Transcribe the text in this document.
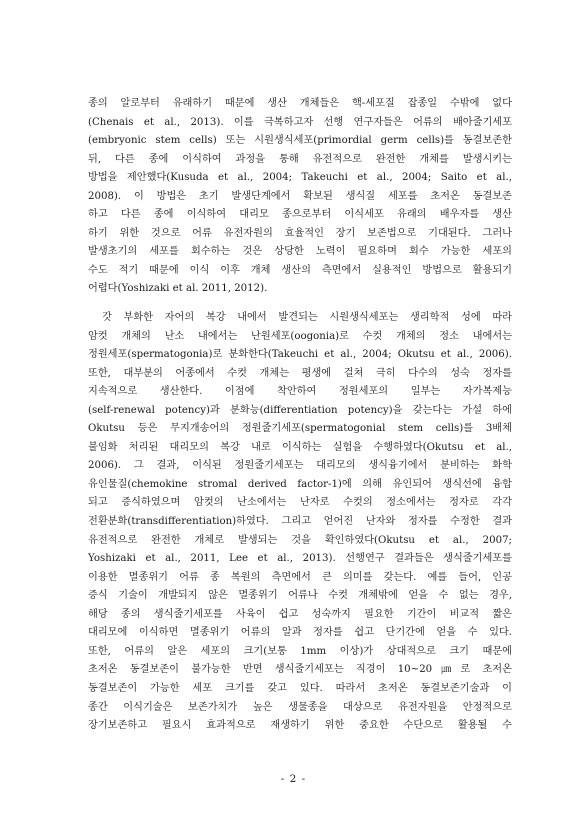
종의 알로부터 유래하기 때문에 생산 개체들은 핵-세포질 잡종일 수밖에 없다
(Chenais et al., 2013). 이를 극복하고자 선행 연구자들은 어류의 배아줄기세포
(embryonic stem cells) 또는 시원생식세포(primordial germ cells)를 동결보존한
뒤, 다른 종에 이식하여 과정을 통해 유전적으로 완전한 개체를 발생시키는
방법을 제안했다(Kusuda et al., 2004; Takeuchi et al., 2004; Saito et al.,
2008). 이 방법은 초기 발생단계에서 확보된 생식질 세포를 초저온 동결보존
하고 다른 종에 이식하여 대리모 종으로부터 이식세포 유래의 배우자를 생산
하기 위한 것으로 어류 유전자원의 효율적인 장기 보존법으로 기대된다. 그러나
발생초기의 세포를 회수하는 것은 상당한 노력이 필요하며 회수 가능한 세포의
수도 적기 때문에 이식 이후 개체 생산의 측면에서 실용적인 방법으로 활용되기
어렵다(Yoshizaki et al. 2011, 2012).
갓 부화한 자어의 복강 내에서 발견되는 시원생식세포는 생리학적 성에 따라
암컷 개체의 난소 내에서는 난원세포(oogonia)로 수컷 개체의 정소 내에서는
정원세포(spermatogonia)로 분화한다(Takeuchi et al., 2004; Okutsu et al., 2006).
또한, 대부분의 어종에서 수컷 개체는 평생에 걸쳐 극히 다수의 성숙 정자를
지속적으로 생산한다. 이점에 착안하여 정원세포의 일부는 자가복제능
(self-renewal potency)과 분화능(differentiation potency)을 갖는다는 가설 하에
Okutsu 등은 무지개송어의 정원줄기세포(spermatogonial stem cells)를 3배체
불임화 처리된 대리모의 복강 내로 이식하는 실험을 수행하였다(Okutsu et al.,
2006). 그 결과, 이식된 정원줄기세포는 대리모의 생식융기에서 분비하는 화학
유인물질(chemokine stromal derived factor-1)에 의해 유인되어 생식선에 융합
되고 증식하였으며 암컷의 난소에서는 난자로 수컷의 정소에서는 정자로 각각
전환분화(transdifferentiation)하였다. 그리고 얻어진 난자와 정자를 수정한 결과
유전적으로 완전한 개체로 발생되는 것을 확인하였다(Okutsu et al., 2007;
Yoshizaki et al., 2011, Lee et al., 2013). 선행연구 결과들은 생식줄기세포를
이용한 멸종위기 어류 종 복원의 측면에서 큰 의미를 갖는다. 예를 들어, 인공
증식 기술이 개발되지 않은 멸종위기 어류나 수컷 개체밖에 얻을 수 없는 경우,
해당 종의 생식줄기세포를 사육이 쉽고 성숙까지 필요한 기간이 비교적 짧은
대리모에 이식하면 멸종위기 어류의 알과 정자를 쉽고 단기간에 얻을 수 있다.
또한, 어류의 알은 세포의 크기(보통 1mm 이상)가 상대적으로 크기 때문에
초저온 동결보존이 불가능한 반면 생식줄기세포는 직경이 10~20㎛로 초저온
동결보존이 가능한 세포 크기를 갖고 있다. 따라서 초저온 동결보존기술과 이
종간 이식기술은 보존가치가 높은 생물종을 대상으로 유전자원을 안정적으로
장기보존하고 필요시 효과적으로 재생하기 위한 중요한 수단으로 활용될 수
- 2 -
